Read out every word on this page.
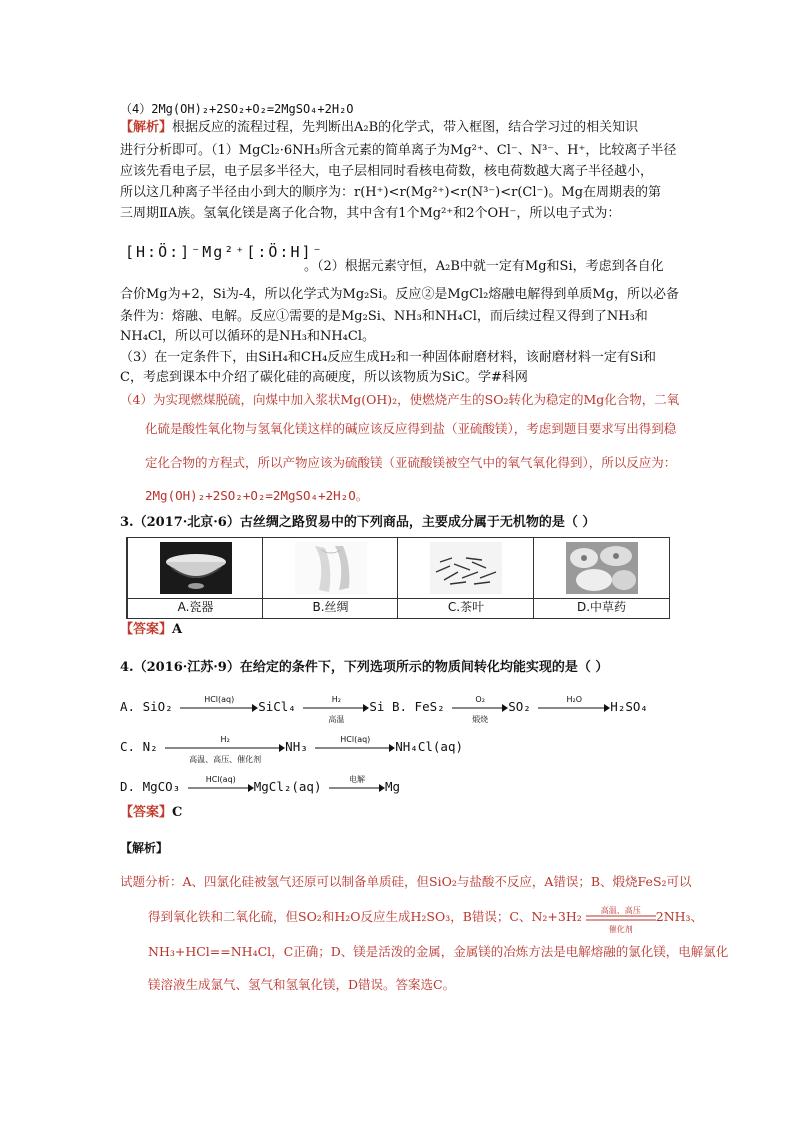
（4）2Mg(OH)₂+2SO₂+O₂=2MgSO₄+2H₂O
【解析】根据反应的流程过程，先判断出A₂B的化学式，带入框图，结合学习过的相关知识
进行分析即可。（1）MgCl₂·6NH₃所含元素的简单离子为Mg²⁺、Cl⁻、N³⁻、H⁺，比较离子半径
应该先看电子层，电子层多半径大，电子层相同时看核电荷数，核电荷数越大离子半径越小，
所以这几种离子半径由小到大的顺序为：r(H⁺)<r(Mg²⁺)<r(N³⁻)<r(Cl⁻)。Mg在周期表的第
三周期ⅡA族。氢氧化镁是离子化合物，其中含有1个Mg²⁺和2个OH⁻，所以电子式为：
[H:Ö:]⁻Mg²⁺[:Ö:H]⁻
。（2）根据元素守恒，A₂B中就一定有Mg和Si，考虑到各自化
合价Mg为+2，Si为-4，所以化学式为Mg₂Si。反应②是MgCl₂熔融电解得到单质Mg，所以必备
条件为：熔融、电解。反应①需要的是Mg₂Si、NH₃和NH₄Cl，而后续过程又得到了NH₃和
NH₄Cl，所以可以循环的是NH₃和NH₄Cl。
（3）在一定条件下，由SiH₄和CH₄反应生成H₂和一种固体耐磨材料，该耐磨材料一定有Si和
C，考虑到课本中介绍了碳化硅的高硬度，所以该物质为SiC。学#科网
（4）为实现燃煤脱硫，向煤中加入浆状Mg(OH)₂，使燃烧产生的SO₂转化为稳定的Mg化合物，二氧
化硫是酸性氧化物与氢氧化镁这样的碱应该反应得到盐（亚硫酸镁），考虑到题目要求写出得到稳
定化合物的方程式，所以产物应该为硫酸镁（亚硫酸镁被空气中的氧气氧化得到），所以反应为：
2Mg(OH)₂+2SO₂+O₂=2MgSO₄+2H₂O。
3.（2017·北京·6）古丝绸之路贸易中的下列商品，主要成分属于无机物的是（ ）
A.瓷器	B.丝绸	C.茶叶	D.中草药
【答案】A
4.（2016·江苏·9）在给定的条件下，下列选项所示的物质间转化均能实现的是（ ）
A. SiO₂	HCl(aq)	SiCl₄	H₂
高温
Si B. FeS₂	O₂
煅烧
SO₂	H₂O	H₂SO₄
C. N₂	H₂
高温、高压、催化剂
NH₃	HCl(aq)	NH₄Cl(aq)
D. MgCO₃	HCl(aq)	MgCl₂(aq)	电解	Mg
【答案】C
【解析】
试题分析：A、四氯化硅被氢气还原可以制备单质硅，但SiO₂与盐酸不反应，A错误；B、煅烧FeS₂可以
得到氧化铁和二氧化硫，但SO₂和H₂O反应生成H₂SO₃，B错误；C、N₂+3H₂	高温、高压
催化剂
2NH₃、
NH₃+HCl==NH₄Cl，C正确；D、镁是活泼的金属，金属镁的冶炼方法是电解熔融的氯化镁，电解氯化
镁溶液生成氯气、氢气和氢氧化镁，D错误。答案选C。
